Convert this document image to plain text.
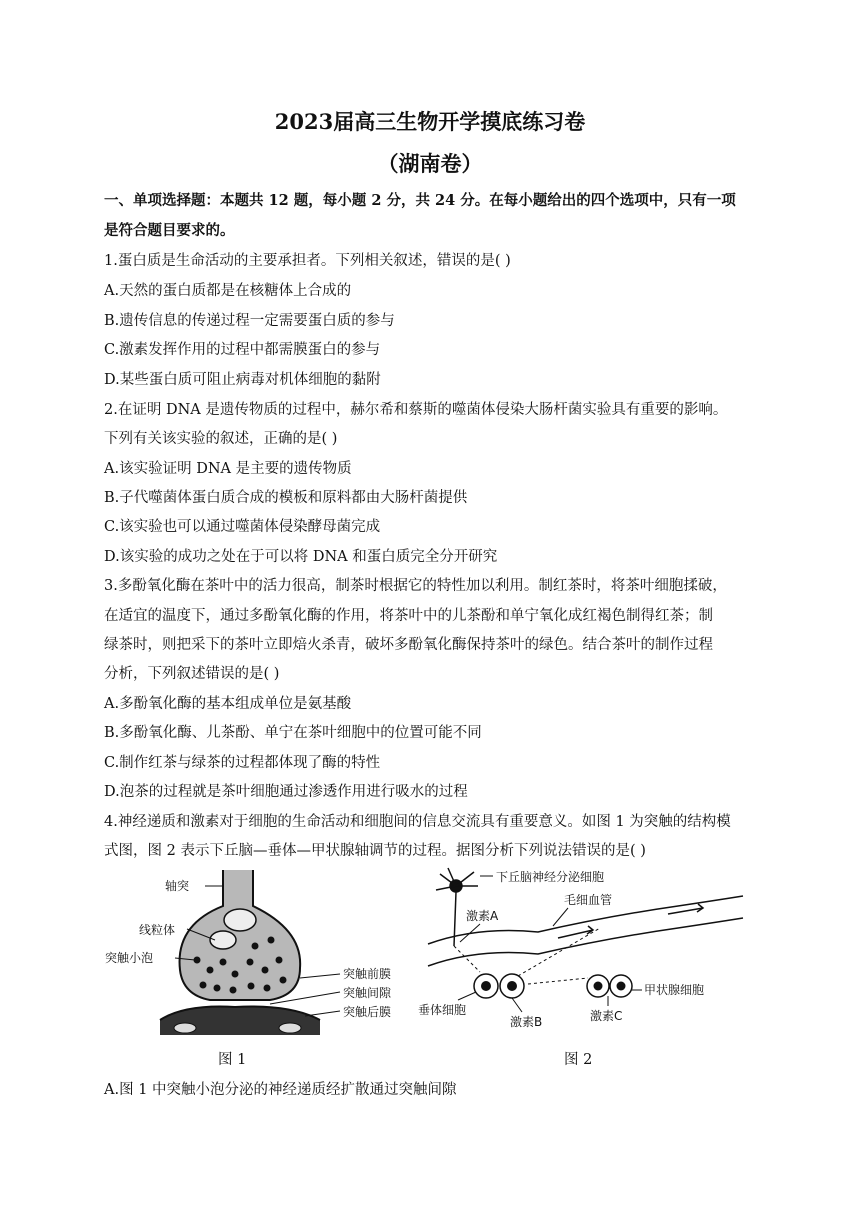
2023届高三生物开学摸底练习卷
（湖南卷）
一、单项选择题：本题共 12 题，每小题 2 分，共 24 分。在每小题给出的四个选项中，只有一项
是符合题目要求的。
1.蛋白质是生命活动的主要承担者。下列相关叙述，错误的是( )
A.天然的蛋白质都是在核糖体上合成的
B.遗传信息的传递过程一定需要蛋白质的参与
C.激素发挥作用的过程中都需膜蛋白的参与
D.某些蛋白质可阻止病毒对机体细胞的黏附
2.在证明 DNA 是遗传物质的过程中，赫尔希和蔡斯的噬菌体侵染大肠杆菌实验具有重要的影响。
下列有关该实验的叙述，正确的是( )
A.该实验证明 DNA 是主要的遗传物质
B.子代噬菌体蛋白质合成的模板和原料都由大肠杆菌提供
C.该实验也可以通过噬菌体侵染酵母菌完成
D.该实验的成功之处在于可以将 DNA 和蛋白质完全分开研究
3.多酚氧化酶在茶叶中的活力很高，制茶时根据它的特性加以利用。制红茶时，将茶叶细胞揉破，
在适宜的温度下，通过多酚氧化酶的作用，将茶叶中的儿茶酚和单宁氧化成红褐色制得红茶；制
绿茶时，则把采下的茶叶立即焙火杀青，破坏多酚氧化酶保持茶叶的绿色。结合茶叶的制作过程
分析，下列叙述错误的是( )
A.多酚氧化酶的基本组成单位是氨基酸
B.多酚氧化酶、儿茶酚、单宁在茶叶细胞中的位置可能不同
C.制作红茶与绿茶的过程都体现了酶的特性
D.泡茶的过程就是茶叶细胞通过渗透作用进行吸水的过程
4.神经递质和激素对于细胞的生命活动和细胞间的信息交流具有重要意义。如图 1 为突触的结构模
式图，图 2 表示下丘脑—垂体—甲状腺轴调节的过程。据图分析下列说法错误的是( )
轴突
线粒体
突触小泡
突触前膜
突触间隙
突触后膜
图 1
下丘脑神经分泌细胞
激素A
毛细血管
垂体细胞
激素B
甲状腺细胞
激素C
图 2
A.图 1 中突触小泡分泌的神经递质经扩散通过突触间隙
